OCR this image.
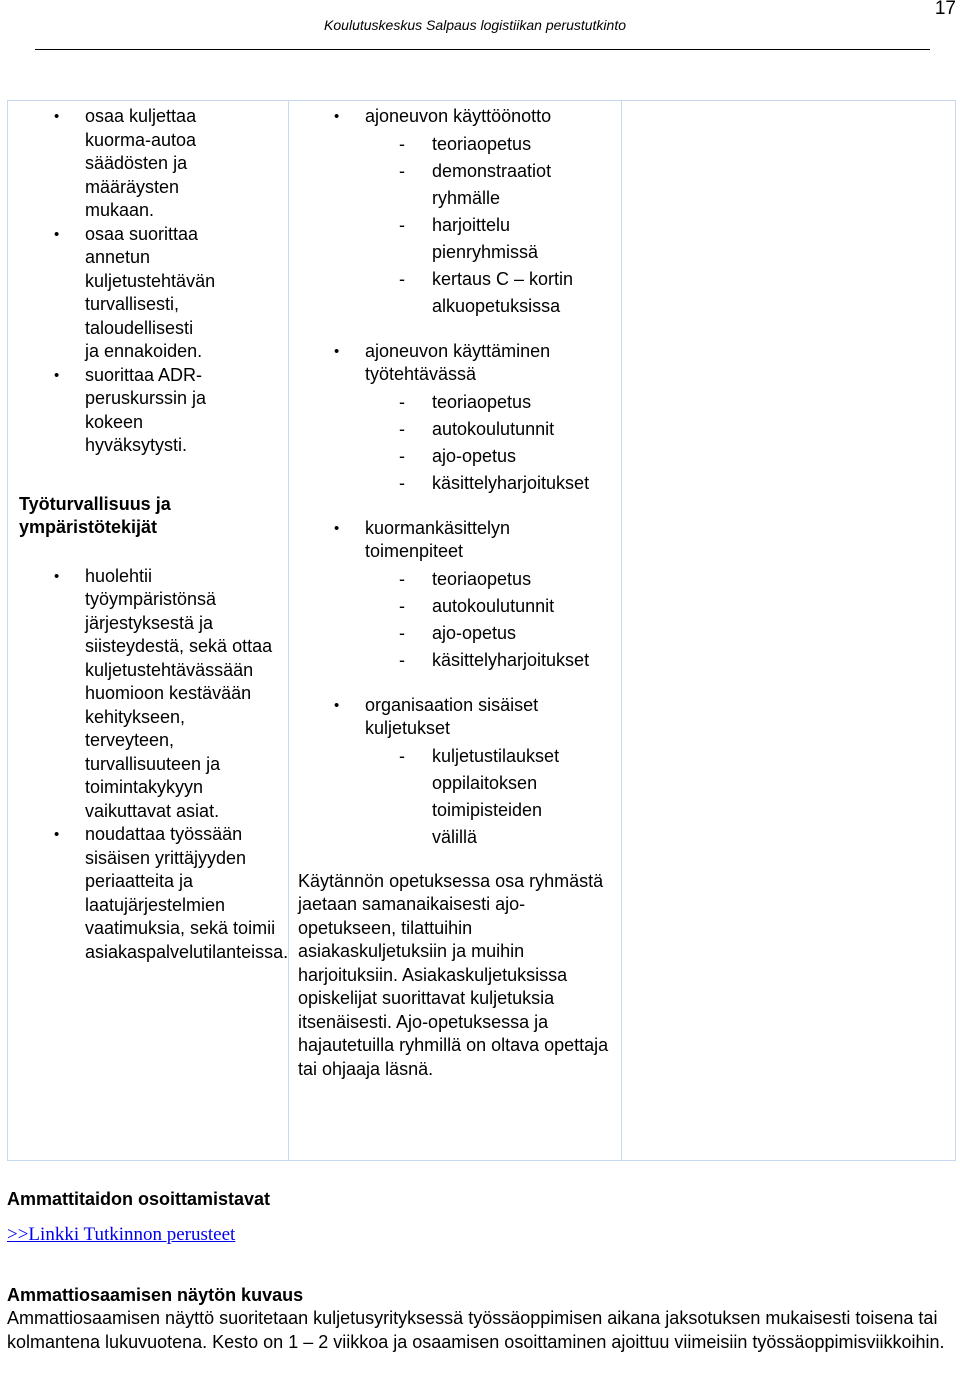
17
Koulutuskeskus Salpaus logistiikan perustutkinto
• osaa kuljettaa kuorma-autoa säädösten ja määräysten mukaan.
• osaa suorittaa annetun kuljetustehtävän turvallisesti, taloudellisesti ja ennakoiden.
• suorittaa ADR-peruskurssin ja kokeen hyväksytysti.
Työturvallisuus ja ympäristötekijät
• huolehtii työympäristönsä järjestyksestä ja siisteydestä, sekä ottaa kuljetustehtävässään huomioon kestävään kehitykseen, terveyteen, turvallisuuteen ja toimintakykyyn vaikuttavat asiat.
• noudattaa työssään sisäisen yrittäjyyden periaatteita ja laatujärjestelmien vaatimuksia, sekä toimii asiakaspalvelutilanteissa.
• ajoneuvon käyttöönotto
- teoriaopetus
- demonstraatiot ryhmälle
- harjoittelu pienryhmissä
- kertaus C – kortin alkuopetuksissa
• ajoneuvon käyttäminen työtehtävässä
- teoriaopetus
- autokoulutunnit
- ajo-opetus
- käsittelyharjoitukset
• kuormankäsittelyn toimenpiteet
- teoriaopetus
- autokoulutunnit
- ajo-opetus
- käsittelyharjoitukset
• organisaation sisäiset kuljetukset
- kuljetustilaukset
oppilaitoksen
toimipisteiden
välillä
Käytännön opetuksessa osa ryhmästä jaetaan samanaikaisesti ajo-opetukseen, tilattuihin asiakaskuljetuksiin ja muihin harjoituksiin. Asiakaskuljetuksissa opiskelijat suorittavat kuljetuksia itsenäisesti. Ajo-opetuksessa ja hajautetuilla ryhmillä on oltava opettaja tai ohjaaja läsnä.
Ammattitaidon osoittamistavat
>>Linkki Tutkinnon perusteet
Ammattiosaamisen näytön kuvaus
Ammattiosaamisen näyttö suoritetaan kuljetusyrityksessä työssäoppimisen aikana jaksotuksen mukaisesti toisena tai kolmantena lukuvuotena. Kesto on 1 – 2 viikkoa ja osaamisen osoittaminen ajoittuu viimeisiin työssäoppimisviikkoihin.
